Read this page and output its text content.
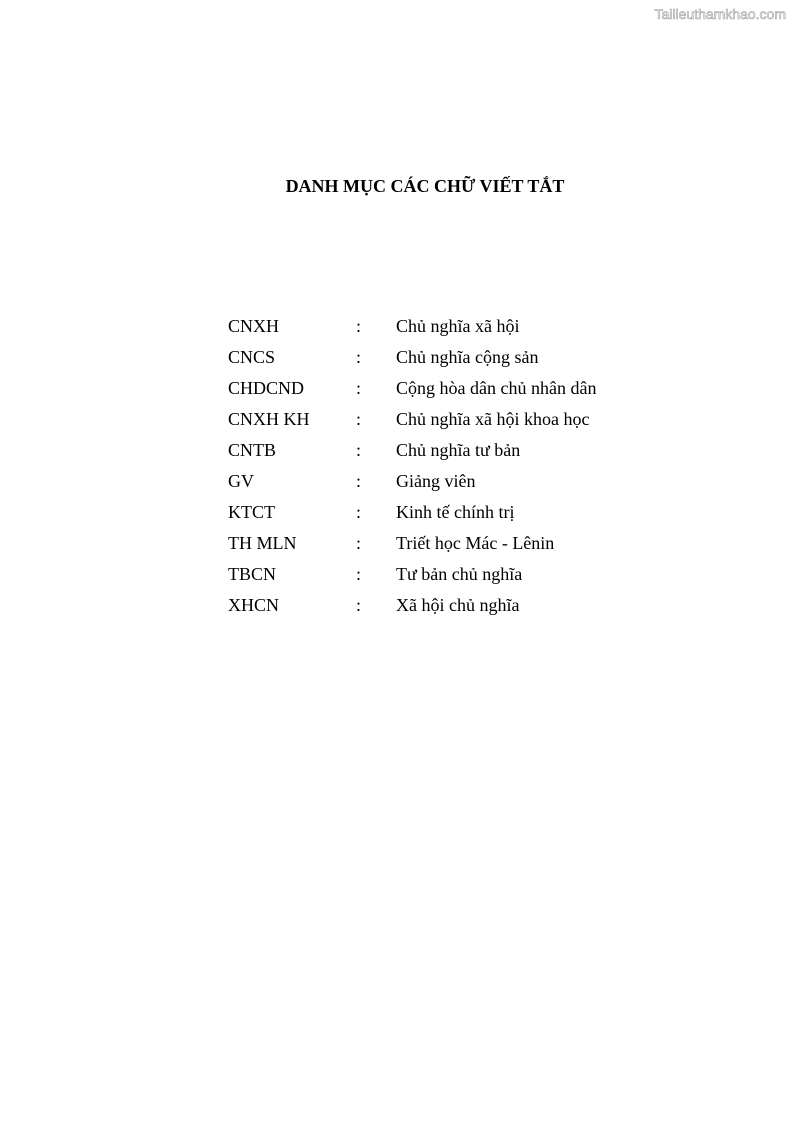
Tailieuthamkhao.com
DANH MỤC CÁC CHỮ VIẾT TẮT
CNXH	:	Chủ nghĩa xã hội
CNCS	:	Chủ nghĩa cộng sản
CHDCND	:	Cộng hòa dân chủ nhân dân
CNXH KH	:	Chủ nghĩa xã hội khoa học
CNTB	:	Chủ nghĩa tư bản
GV	:	Giảng viên
KTCT	:	Kinh tế chính trị
TH MLN	:	Triết học Mác - Lênin
TBCN	:	Tư bản chủ nghĩa
XHCN	:	Xã hội chủ nghĩa
